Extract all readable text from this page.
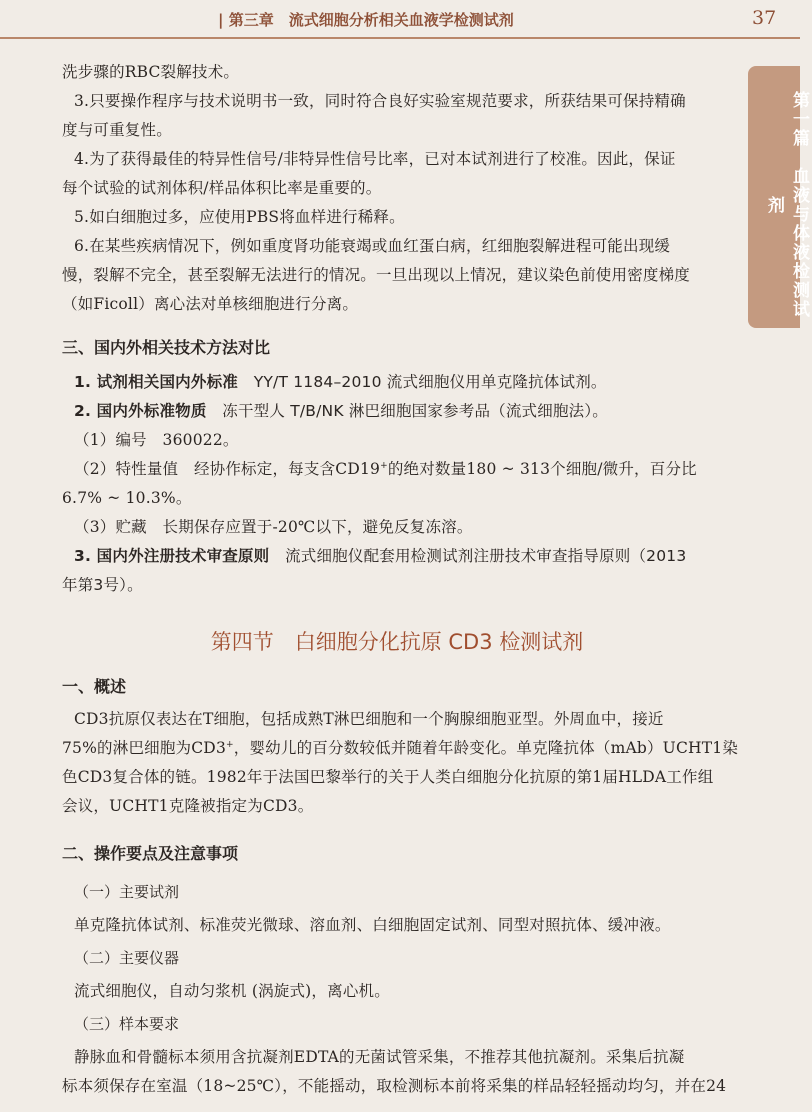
| 第三章　流式细胞分析相关血液学检测试剂	37
第一篇　血液与体液检测试剂
洗步骤的RBC裂解技术。
3.只要操作程序与技术说明书一致，同时符合良好实验室规范要求，所获结果可保持精确
度与可重复性。
4.为了获得最佳的特异性信号/非特异性信号比率，已对本试剂进行了校准。因此，保证
每个试验的试剂体积/样品体积比率是重要的。
5.如白细胞过多，应使用PBS将血样进行稀释。
6.在某些疾病情况下，例如重度肾功能衰竭或血红蛋白病，红细胞裂解进程可能出现缓
慢，裂解不完全，甚至裂解无法进行的情况。一旦出现以上情况，建议染色前使用密度梯度
（如Ficoll）离心法对单核细胞进行分离。
三、国内外相关技术方法对比
1. 试剂相关国内外标准　 YY/T 1184–2010 流式细胞仪用单克隆抗体试剂。
2. 国内外标准物质　 冻干型人 T/B/NK 淋巴细胞国家参考品（流式细胞法）。
（1）编号　360022。
（2）特性量值　经协作标定，每支含CD19+的绝对数量180 ~ 313个细胞/微升，百分比
6.7% ~ 10.3%。
（3）贮藏　长期保存应置于-20℃以下，避免反复冻溶。
3. 国内外注册技术审查原则　 流式细胞仪配套用检测试剂注册技术审查指导原则（2013
年第3号）。
第四节　白细胞分化抗原 CD3 检测试剂
一、概述
CD3抗原仅表达在T细胞，包括成熟T淋巴细胞和一个胸腺细胞亚型。外周血中，接近
75%的淋巴细胞为CD3+，婴幼儿的百分数较低并随着年龄变化。单克隆抗体（mAb）UCHT1染
色CD3复合体的链。1982年于法国巴黎举行的关于人类白细胞分化抗原的第1届HLDA工作组
会议，UCHT1克隆被指定为CD3。
二、操作要点及注意事项
（一）主要试剂
单克隆抗体试剂、标准荧光微球、溶血剂、白细胞固定试剂、同型对照抗体、缓冲液。
（二）主要仪器
流式细胞仪，自动匀浆机 (涡旋式)，离心机。
（三）样本要求
静脉血和骨髓标本须用含抗凝剂EDTA的无菌试管采集，不推荐其他抗凝剂。采集后抗凝
标本须保存在室温（18~25℃），不能摇动，取检测标本前将采集的样品轻轻摇动均匀，并在24
